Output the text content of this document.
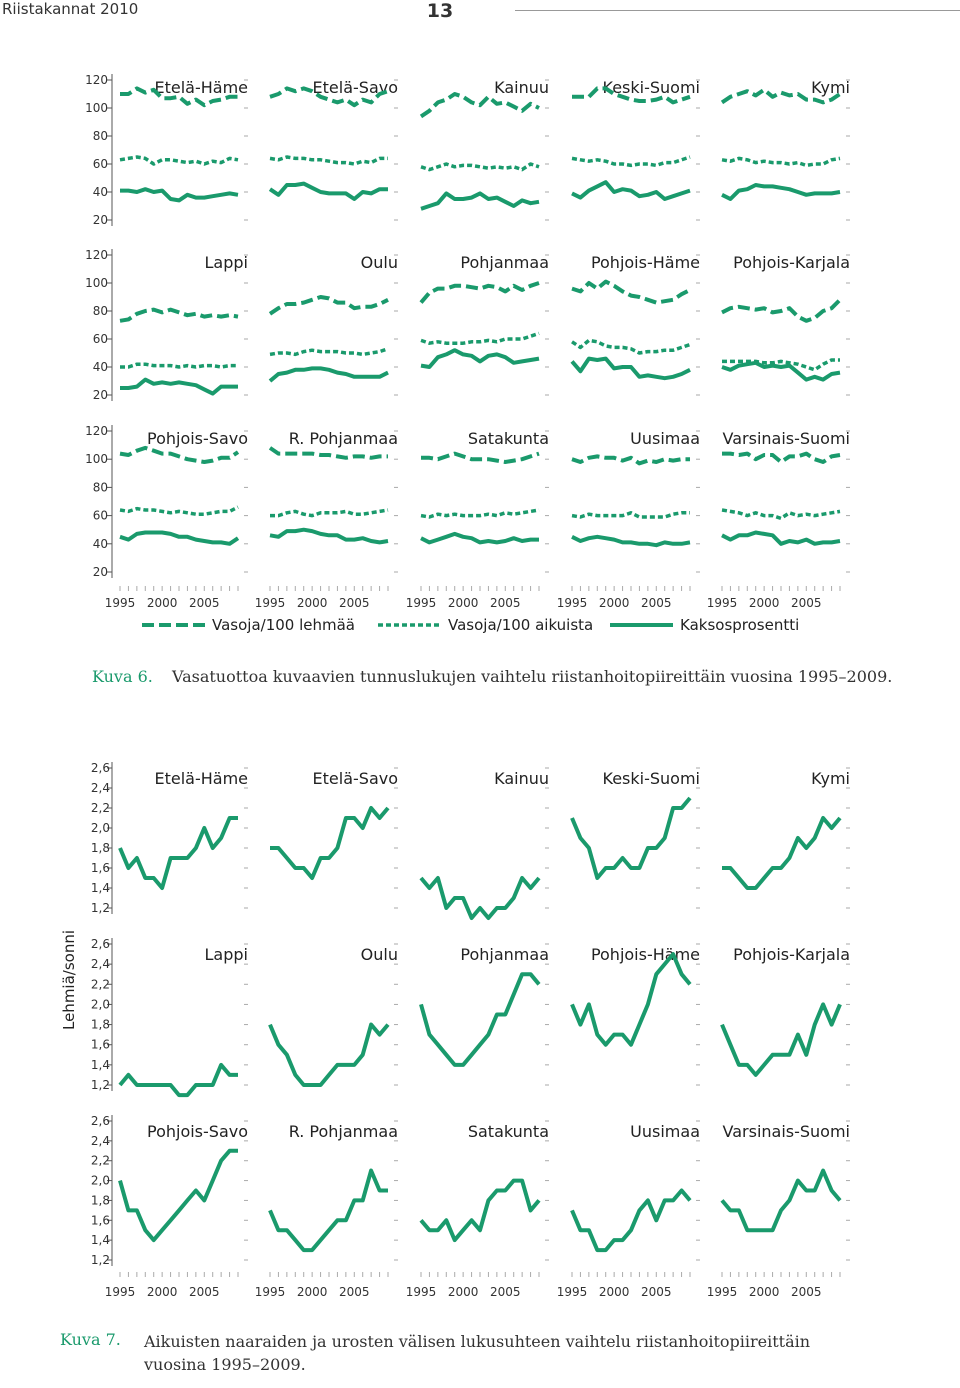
Riistakannat 2010	13
20
40
60
80
100
120	Etelä-Häme	Etelä-Savo	Kainuu	Keski-Suomi	Kymi
20
40
60
80
100
120	Lappi	Oulu	Pohjanmaa	Pohjois-Häme Pohjois-Karjala
20
40
60
80
100
120 Pohjois-Savo
1995 2000 2005
R. Pohjanmaa
1995 2000 2005
Satakunta
1995 2000 2005
Uusimaa
1995 2000 2005
Varsinais-Suomi
1995 2000 2005
Vasoja/100 lehmää	Vasoja/100 aikuista	Kaksosprosentti
Kuva 6. Vasatuottoa kuvaavien tunnuslukujen vaihtelu riistanhoitopiireittäin vuosina 1995–2009.
1,2
1,4
1,6
1,8
2,0
2,2
2,4
2,6
Etelä-Häme	Etelä-Savo	Kainuu	Keski-Suomi	Kymi
1,2
1,4
1,6
1,8
2,0
2,2
2,4
2,6
Lappi	Oulu	Pohjanmaa	Pohjois-Häme Pohjois-Karjala
1,2
1,4
1,6
1,8
2,0
2,2
2,4
2,6
Pohjois-Savo
1995 2000 2005
R. Pohjanmaa
1995 2000 2005
Satakunta
1995 2000 2005
Uusimaa
1995 2000 2005
Varsinais-Suomi
1995 2000 2005
Lehmiä/sonni
Kuva 7. Aikuisten naaraiden ja urosten välisen lukusuhteen vaihtelu riistanhoitopiireittäin vuosina 1995–2009.
